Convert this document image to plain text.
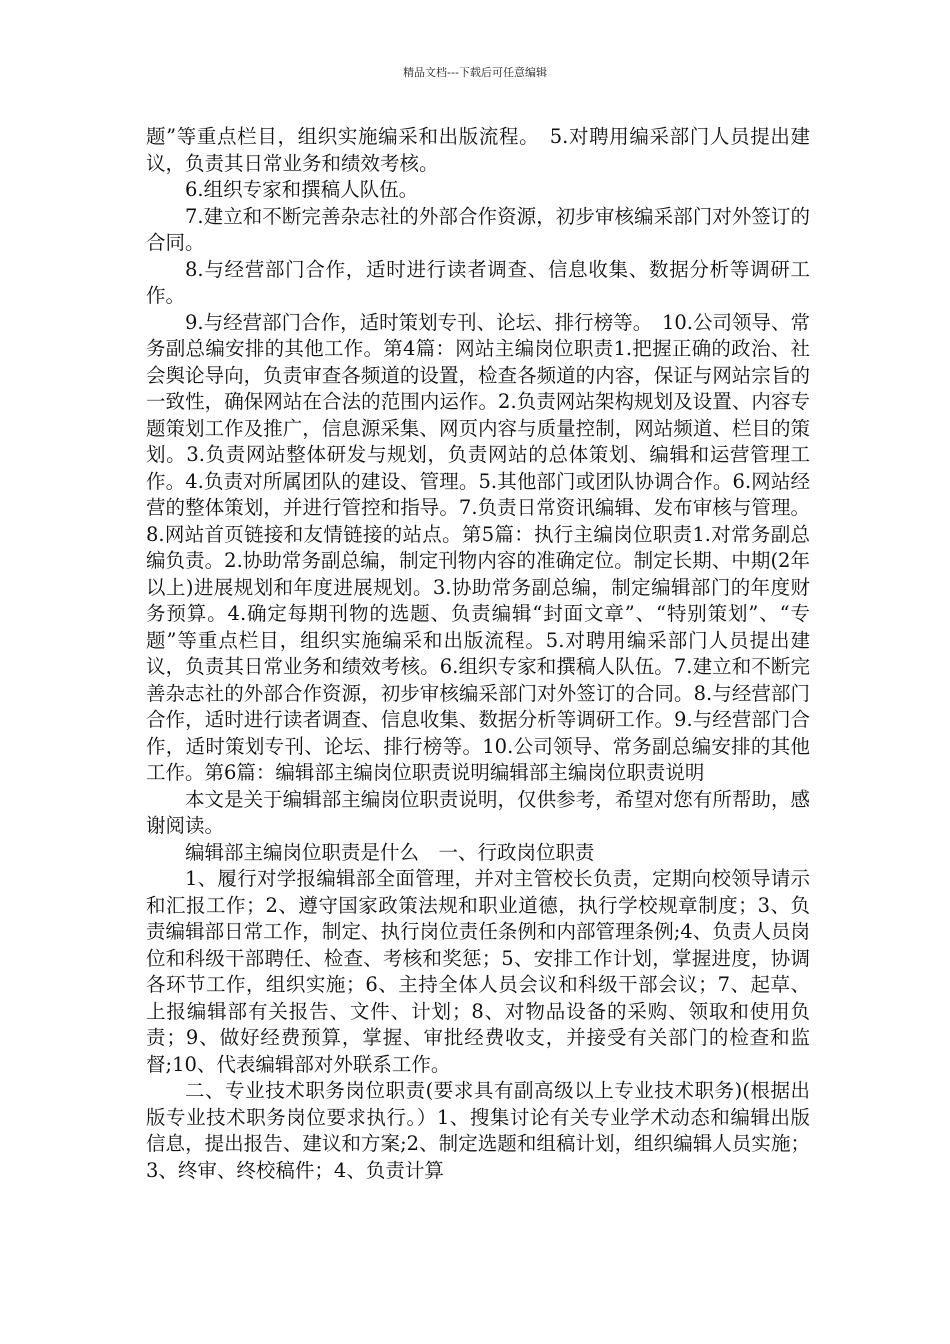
精品文档---下载后可任意编辑

题”等重点栏目，组织实施编采和出版流程。　5.对聘用编采部门人员提出建议，负责其日常业务和绩效考核。

6.组织专家和撰稿人队伍。

7.建立和不断完善杂志社的外部合作资源，初步审核编采部门对外签订的合同。

8.与经营部门合作，适时进行读者调查、信息收集、数据分析等调研工作。

9.与经营部门合作，适时策划专刊、论坛、排行榜等。　10.公司领导、常务副总编安排的其他工作。第4篇：网站主编岗位职责1.把握正确的政治、社会舆论导向，负责审查各频道的设置，检查各频道的内容，保证与网站宗旨的一致性，确保网站在合法的范围内运作。2.负责网站架构规划及设置、内容专题策划工作及推广，信息源采集、网页内容与质量控制，网站频道、栏目的策划。3.负责网站整体研发与规划，负责网站的总体策划、编辑和运营管理工作。4.负责对所属团队的建设、管理。5.其他部门或团队协调合作。6.网站经营的整体策划，并进行管控和指导。7.负责日常资讯编辑、发布审核与管理。8.网站首页链接和友情链接的站点。第5篇：执行主编岗位职责1.对常务副总编负责。2.协助常务副总编，制定刊物内容的准确定位。制定长期、中期(2年以上)进展规划和年度进展规划。3.协助常务副总编，制定编辑部门的年度财务预算。4.确定每期刊物的选题、负责编辑“封面文章”、“特别策划”、“专题”等重点栏目，组织实施编采和出版流程。5.对聘用编采部门人员提出建议，负责其日常业务和绩效考核。6.组织专家和撰稿人队伍。7.建立和不断完善杂志社的外部合作资源，初步审核编采部门对外签订的合同。8.与经营部门合作，适时进行读者调查、信息收集、数据分析等调研工作。9.与经营部门合作，适时策划专刊、论坛、排行榜等。10.公司领导、常务副总编安排的其他工作。第6篇：编辑部主编岗位职责说明编辑部主编岗位职责说明

本文是关于编辑部主编岗位职责说明，仅供参考，希望对您有所帮助，感谢阅读。

编辑部主编岗位职责是什么　一、行政岗位职责

1、履行对学报编辑部全面管理，并对主管校长负责，定期向校领导请示和汇报工作；2、遵守国家政策法规和职业道德，执行学校规章制度；3、负责编辑部日常工作，制定、执行岗位责任条例和内部管理条例;4、负责人员岗位和科级干部聘任、检查、考核和奖惩；5、安排工作计划，掌握进度，协调各环节工作，组织实施；6、主持全体人员会议和科级干部会议；7、起草、上报编辑部有关报告、文件、计划；8、对物品设备的采购、领取和使用负责；9、做好经费预算，掌握、审批经费收支，并接受有关部门的检查和监督;10、代表编辑部对外联系工作。

二、专业技术职务岗位职责(要求具有副高级以上专业技术职务)(根据出版专业技术职务岗位要求执行。）1、搜集讨论有关专业学术动态和编辑出版信息，提出报告、建议和方案;2、制定选题和组稿计划，组织编辑人员实施；3、终审、终校稿件；4、负责计算
